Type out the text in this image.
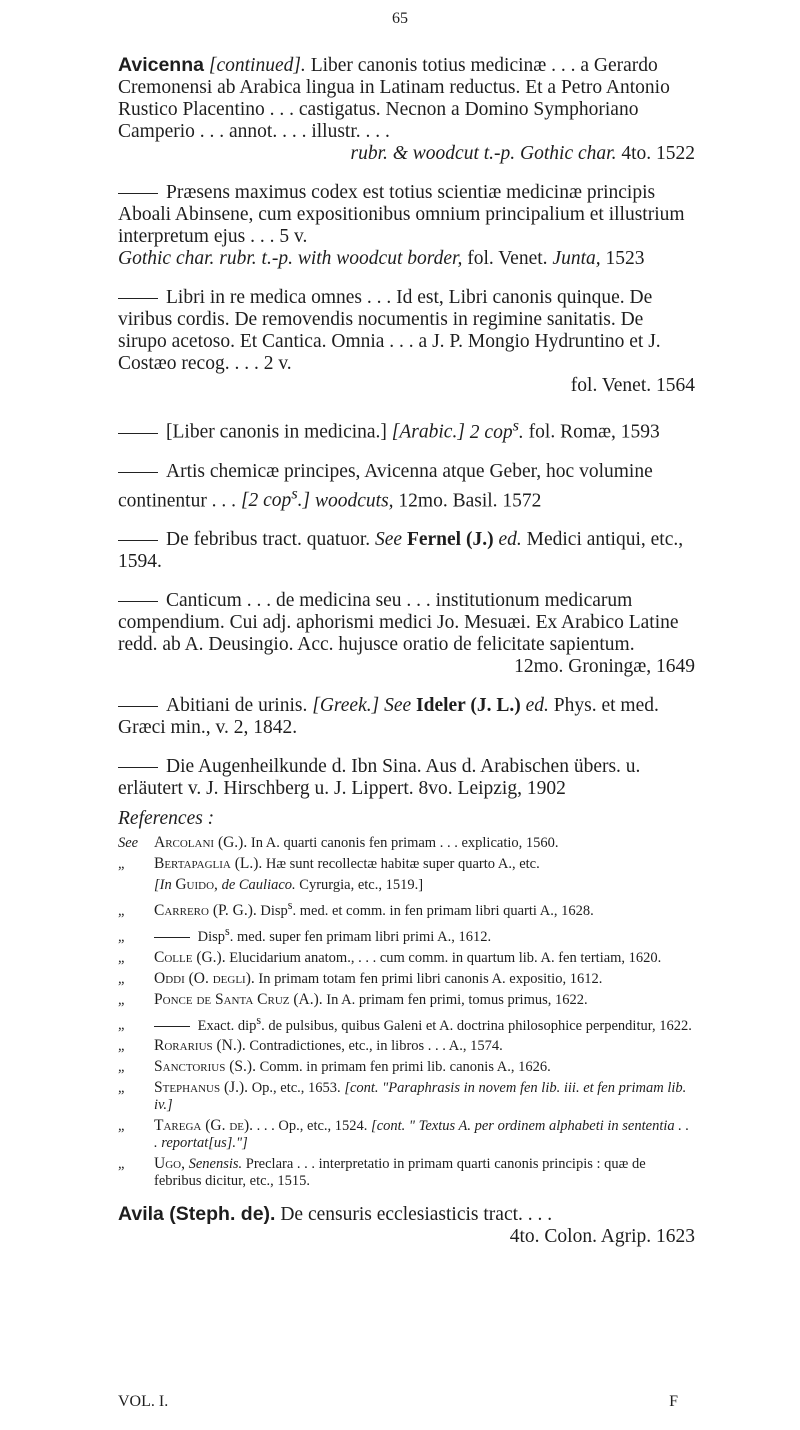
65
Avicenna [continued]. Liber canonis totius medicinæ . . . a Gerardo Cremonensi ab Arabica lingua in Latinam reductus. Et a Petro Antonio Rustico Placentino . . . castigatus. Necnon a Domino Symphoriano Camperio . . . annot. . . . illustr. . . .
rubr. & woodcut t.-p. Gothic char. 4to. 1522
Præsens maximus codex est totius scientiæ medicinæ principis Aboali Abinsene, cum expositionibus omnium principalium et illustrium interpretum ejus . . . 5 v.
Gothic char. rubr. t.-p. with woodcut border, fol. Venet. Junta, 1523
Libri in re medica omnes . . . Id est, Libri canonis quinque. De viribus cordis. De removendis nocumentis in regimine sanitatis. De sirupo acetoso. Et Cantica. Omnia . . . a J. P. Mongio Hydruntino et J. Costæo recog. . . . 2 v.
fol. Venet. 1564
[Liber canonis in medicina.] [Arabic.] 2 cop$^s$. fol. Romæ, 1593
Artis chemicæ principes, Avicenna atque Geber, hoc volumine continentur . . . [2 cop$^s$.] woodcuts, 12mo. Basil. 1572
De febribus tract. quatuor. See Fernel (J.) ed. Medici antiqui, etc., 1594.
Canticum . . . de medicina seu . . . institutionum medicarum compendium. Cui adj. aphorismi medici Jo. Mesuæi. Ex Arabico Latine redd. ab A. Deusingio. Acc. hujusce oratio de felicitate sapientum.
12mo. Groningæ, 1649
Abitiani de urinis. [Greek.] See Ideler (J. L.) ed. Phys. et med. Græci min., v. 2, 1842.
Die Augenheilkunde d. Ibn Sina. Aus d. Arabischen übers. u. erläutert v. J. Hirschberg u. J. Lippert. 8vo. Leipzig, 1902
References :
See Arcolani (G.). In A. quarti canonis fen primam . . . explicatio, 1560.
„ Bertapaglia (L.). Hæ sunt recollectæ habitæ super quarto A., etc.
[In Guido, de Cauliaco. Cyrurgia, etc., 1519.]
„ Carrero (P. G.). Disp$^s$. med. et comm. in fen primam libri quarti A., 1628.
„	Disp$^s$. med. super fen primam libri primi A., 1612.
„ Colle (G.). Elucidarium anatom., . . . cum comm. in quartum lib. A. fen tertiam, 1620.
„ Oddi (O. degli). In primam totam fen primi libri canonis A. expositio, 1612.
„ Ponce de Santa Cruz (A.). In A. primam fen primi, tomus primus, 1622.
„	Exact. dip$^s$. de pulsibus, quibus Galeni et A. doctrina philosophice perpenditur, 1622.
„ Rorarius (N.). Contradictiones, etc., in libros . . . A., 1574.
„ Sanctorius (S.). Comm. in primam fen primi lib. canonis A., 1626.
„ Stephanus (J.). Op., etc., 1653. [cont. "Paraphrasis in novem fen lib. iii. et fen primam lib. iv.]
„ Tarega (G. de). . . . Op., etc., 1524. [cont. " Textus A. per ordinem alphabeti in sententia . . . reportat[us]."]
„ Ugo, Senensis. Preclara . . . interpretatio in primam quarti canonis principis : quæ de febribus dicitur, etc., 1515.
Avila (Steph. de). De censuris ecclesiasticis tract. . . .
4to. Colon. Agrip. 1623
VOL. I.	F
